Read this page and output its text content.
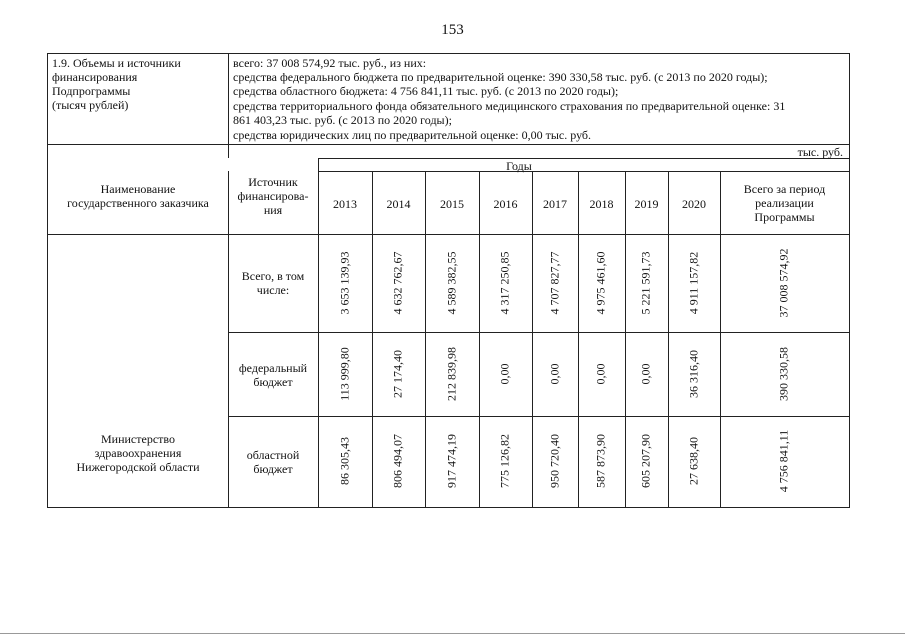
153
1.9. Объемы и источники
финансирования
Подпрограммы
(тысяч рублей)
всего: 37 008 574,92 тыс. руб., из них:
средства федерального бюджета по предварительной оценке: 390 330,58 тыс. руб. (с 2013 по 2020 годы);
средства областного бюджета: 4 756 841,11 тыс. руб. (с 2013 по 2020 годы);
средства территориального фонда обязательного медицинского страхования по предварительной оценке: 31
861 403,23 тыс. руб. (с 2013 по 2020 годы);
средства юридических лиц по предварительной оценке: 0,00 тыс. руб.
тыс. руб.
Наименование
государственного заказчика
Источник
финансирова-
ния
Годы
2013	2014	2015	2016	2017	2018	2019	2020
Всего за период
реализации
Программы
Министерство
здравоохранения
Нижегородской области
Всего, в том
числе:	3 653 139,93	4 632 762,67	4 589 382,55	4 317 250,85	4 707 827,77	4 975 461,60	5 221 591,73	4 911 157,82	37 008 574,92
федеральный
бюджет	113 999,80	27 174,40	212 839,98	0,00	0,00	0,00	0,00	36 316,40	390 330,58
областной
бюджет	86 305,43	806 494,07	917 474,19	775 126,82	950 720,40	587 873,90	605 207,90	27 638,40	4 756 841,11
